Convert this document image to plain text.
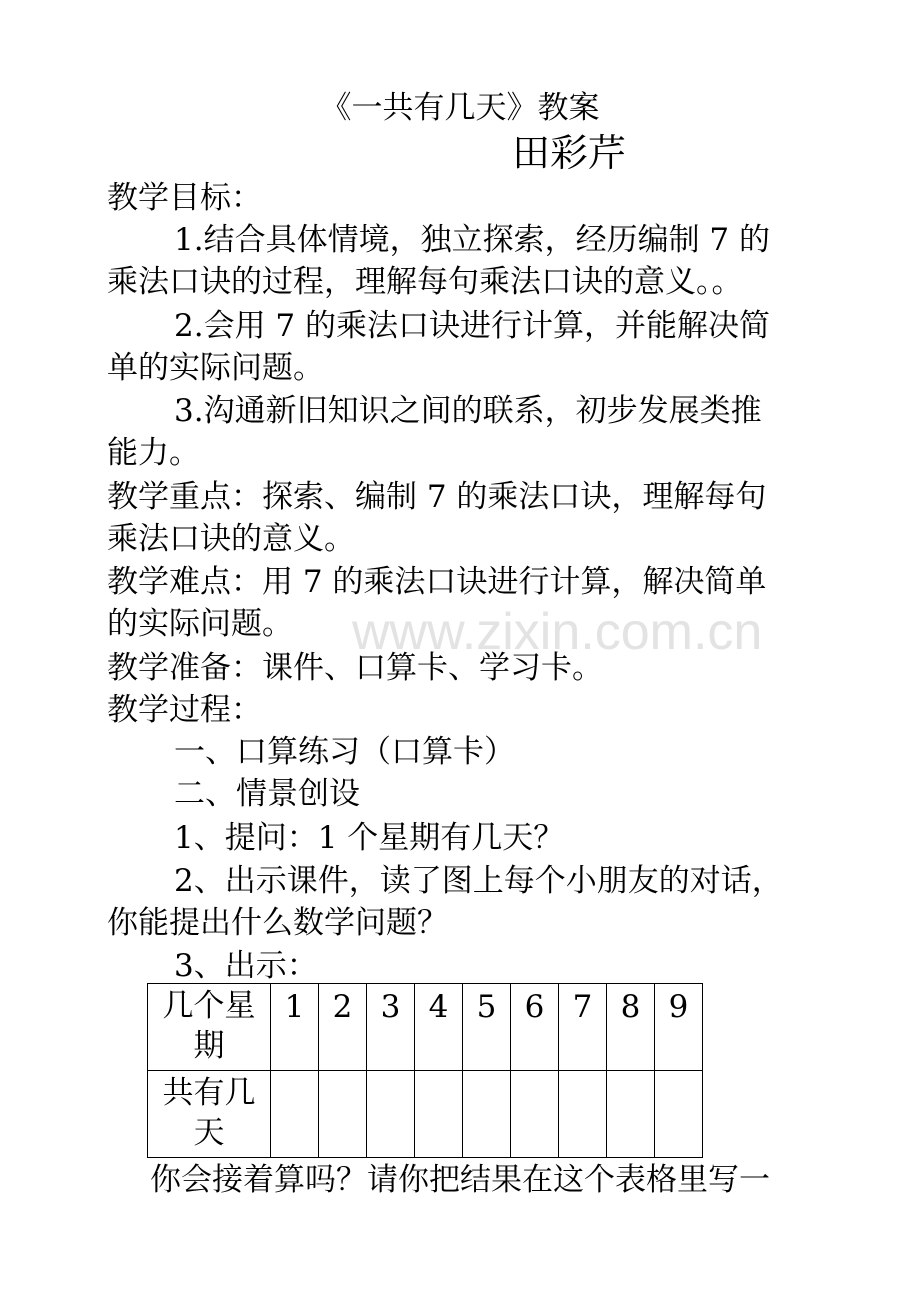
www.zixin.com.cn
《一共有几天》教案
田彩芹
教学目标：
1.结合具体情境，独立探索，经历编制 7 的
乘法口诀的过程，理解每句乘法口诀的意义。。
2.会用 7 的乘法口诀进行计算，并能解决简
单的实际问题。
3.沟通新旧知识之间的联系，初步发展类推
能力。
教学重点：探索、编制 7 的乘法口诀，理解每句
乘法口诀的意义。
教学难点：用 7 的乘法口诀进行计算，解决简单
的实际问题。
教学准备：课件、口算卡、学习卡。
教学过程：
一、口算练习（口算卡）
二、情景创设
1、提问：1 个星期有几天？
2、出示课件，读了图上每个小朋友的对话，
你能提出什么数学问题？
3、出示：
几个星期	1	2	3	4	5	6	7	8	9
共有几天									
你会接着算吗？请你把结果在这个表格里写一
